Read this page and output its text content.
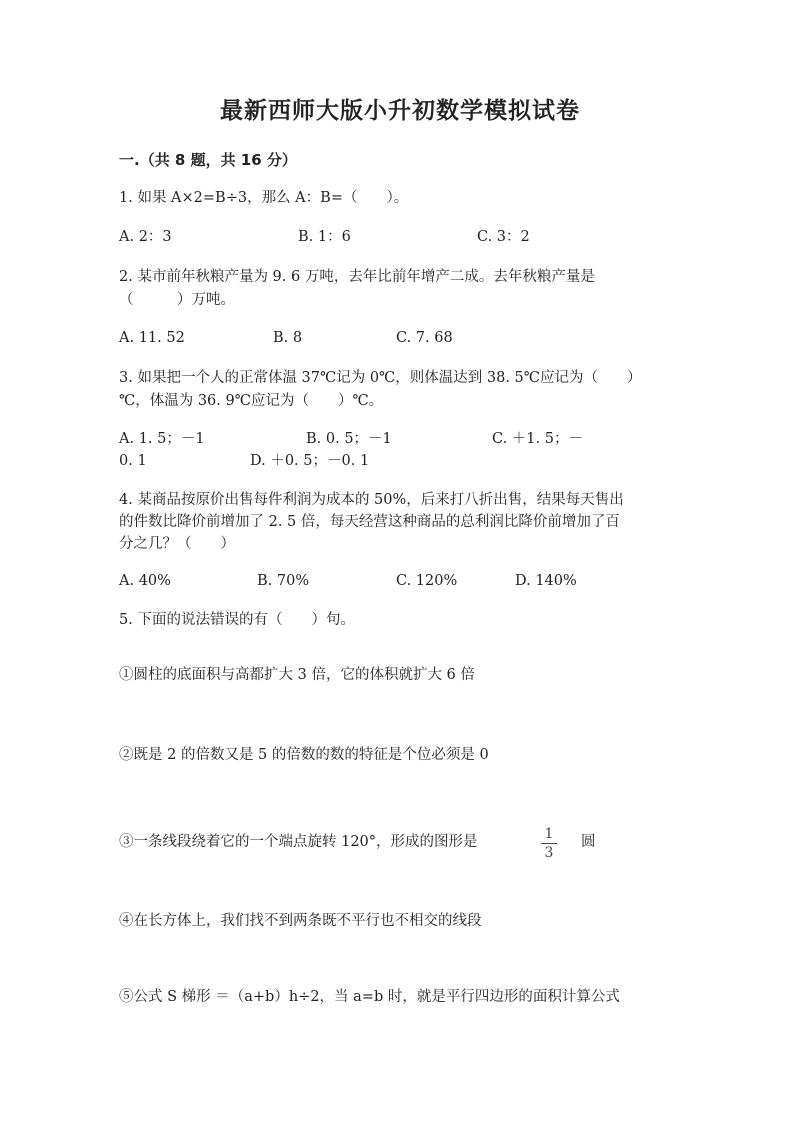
最新西师大版小升初数学模拟试卷
一.（共 8 题，共 16 分）
1. 如果 A×2=B÷3，那么 A：B=（　　）。
A. 2：3	B. 1：6	C. 3：2
2. 某市前年秋粮产量为 9. 6 万吨，去年比前年增产二成。去年秋粮产量是
（　　　）万吨。
A. 11. 52	B. 8	C. 7. 68
3. 如果把一个人的正常体温 37℃记为 0℃，则体温达到 38. 5℃应记为（　　）
℃，体温为 36. 9℃应记为（　　）℃。
A. 1. 5；－1	B. 0. 5；－1	C. ＋1. 5；－
0. 1	D. ＋0. 5；－0. 1
4. 某商品按原价出售每件利润为成本的 50%，后来打八折出售，结果每天售出
的件数比降价前增加了 2. 5 倍，每天经营这种商品的总利润比降价前增加了百
分之几？（　　）
A. 40%	B. 70%	C. 120%	D. 140%
5. 下面的说法错误的有（　　）句。
①圆柱的底面积与高都扩大 3 倍，它的体积就扩大 6 倍
②既是 2 的倍数又是 5 的倍数的数的特征是个位必须是 0
③一条线段绕着它的一个端点旋转 120°，形成的图形是	1
3
圆
④在长方体上，我们找不到两条既不平行也不相交的线段
⑤公式 S 梯形 ＝（a+b）h÷2，当 a=b 时，就是平行四边形的面积计算公式
